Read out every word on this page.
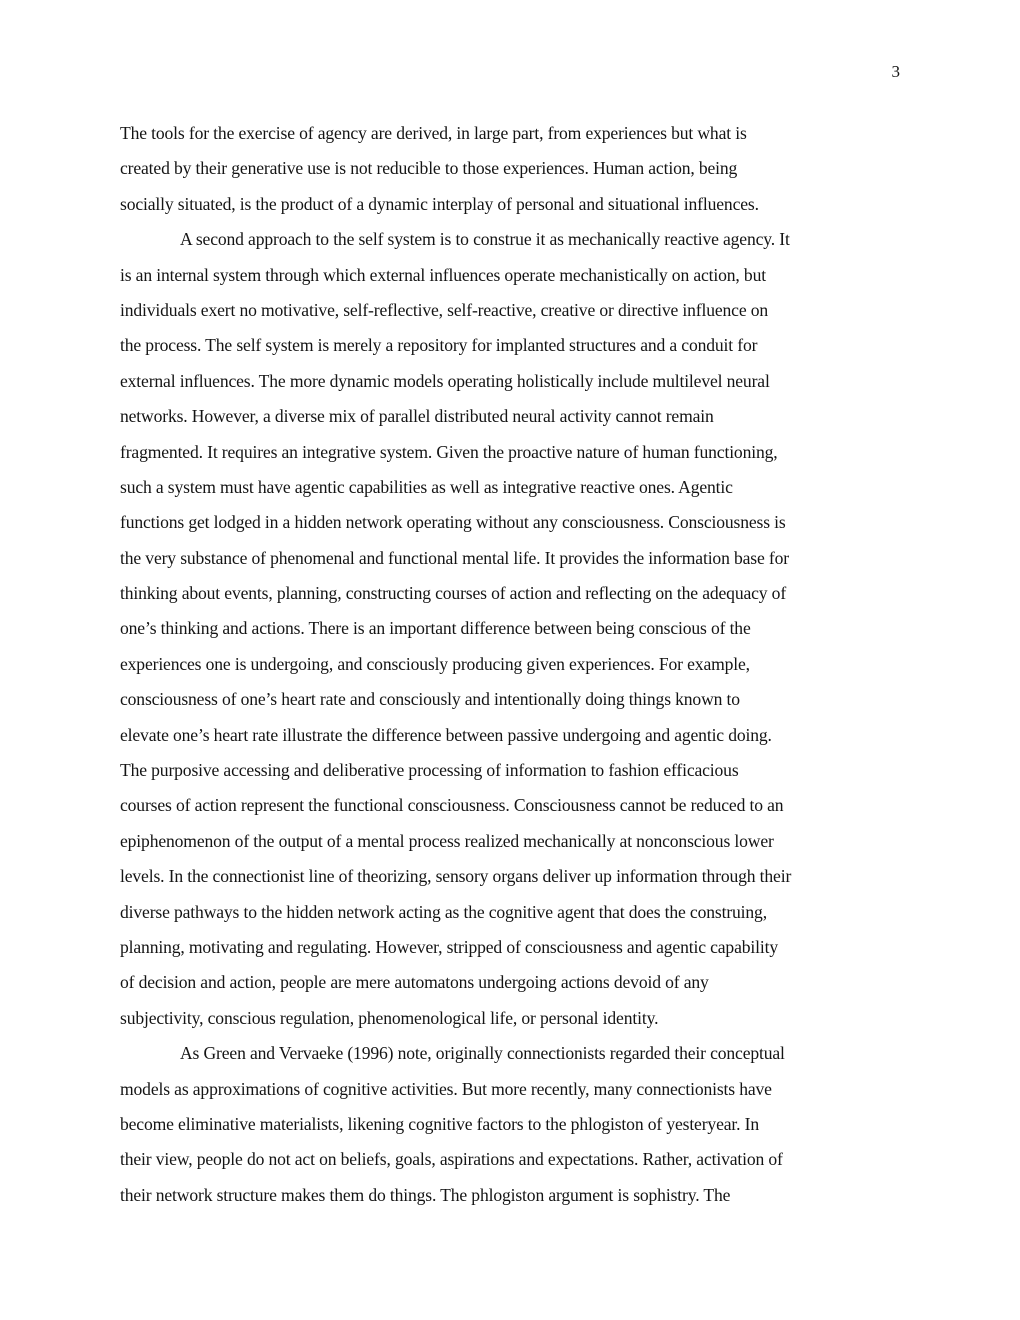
3
The tools for the exercise of agency are derived, in large part, from experiences but what is
created by their generative use is not reducible to those experiences. Human action, being
socially situated, is the product of a dynamic interplay of personal and situational influences.
A second approach to the self system is to construe it as mechanically reactive agency. It
is an internal system through which external influences operate mechanistically on action, but
individuals exert no motivative, self-reflective, self-reactive, creative or directive influence on
the process. The self system is merely a repository for implanted structures and a conduit for
external influences. The more dynamic models operating holistically include multilevel neural
networks. However, a diverse mix of parallel distributed neural activity cannot remain
fragmented. It requires an integrative system. Given the proactive nature of human functioning,
such a system must have agentic capabilities as well as integrative reactive ones. Agentic
functions get lodged in a hidden network operating without any consciousness. Consciousness is
the very substance of phenomenal and functional mental life. It provides the information base for
thinking about events, planning, constructing courses of action and reflecting on the adequacy of
one’s thinking and actions. There is an important difference between being conscious of the
experiences one is undergoing, and consciously producing given experiences. For example,
consciousness of one’s heart rate and consciously and intentionally doing things known to
elevate one’s heart rate illustrate the difference between passive undergoing and agentic doing.
The purposive accessing and deliberative processing of information to fashion efficacious
courses of action represent the functional consciousness. Consciousness cannot be reduced to an
epiphenomenon of the output of a mental process realized mechanically at nonconscious lower
levels. In the connectionist line of theorizing, sensory organs deliver up information through their
diverse pathways to the hidden network acting as the cognitive agent that does the construing,
planning, motivating and regulating. However, stripped of consciousness and agentic capability
of decision and action, people are mere automatons undergoing actions devoid of any
subjectivity, conscious regulation, phenomenological life, or personal identity.
As Green and Vervaeke (1996) note, originally connectionists regarded their conceptual
models as approximations of cognitive activities. But more recently, many connectionists have
become eliminative materialists, likening cognitive factors to the phlogiston of yesteryear. In
their view, people do not act on beliefs, goals, aspirations and expectations. Rather, activation of
their network structure makes them do things. The phlogiston argument is sophistry. The
